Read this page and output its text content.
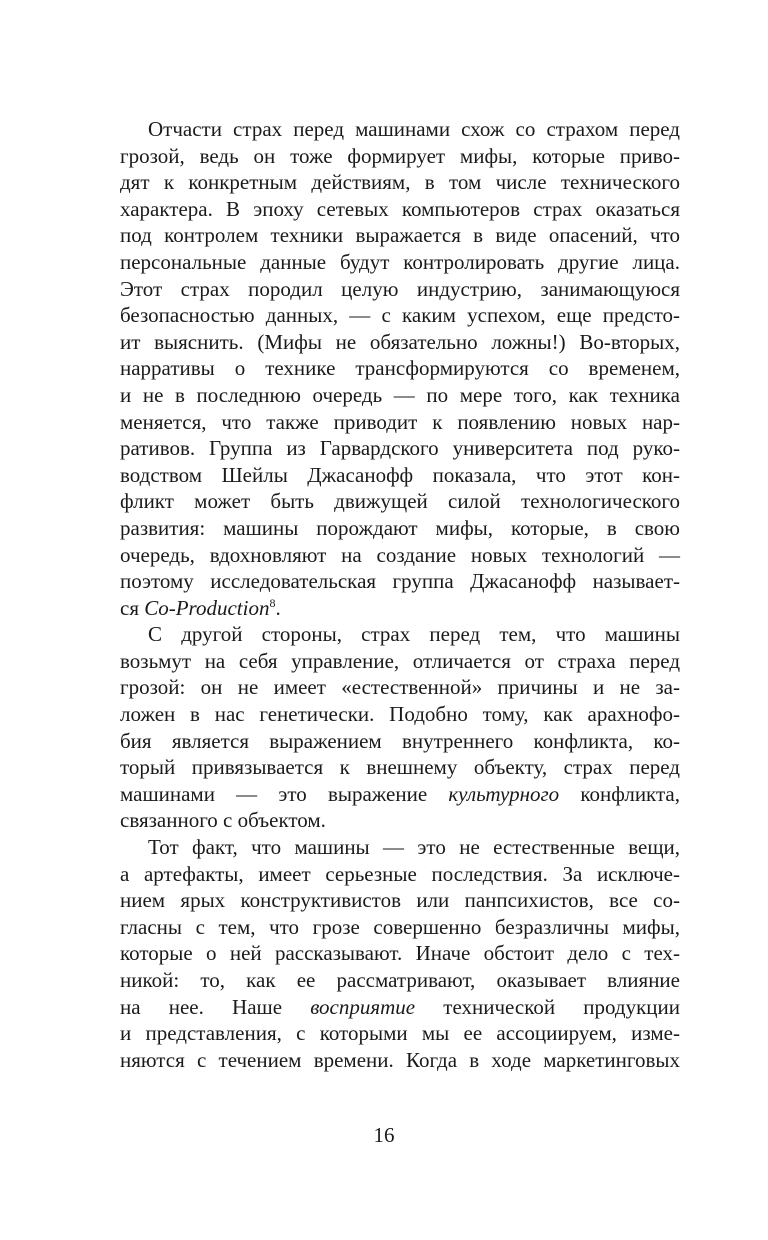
Отчасти страх перед машинами схож со страхом перед
грозой, ведь он тоже формирует мифы, которые приво-
дят к конкретным действиям, в том числе технического
характера. В эпоху сетевых компьютеров страх оказаться
под контролем техники выражается в виде опасений, что
персональные данные будут контролировать другие лица.
Этот страх породил целую индустрию, занимающуюся
безопасностью данных, — с каким успехом, еще предсто-
ит выяснить. (Мифы не обязательно ложны!) Во-вторых,
нарративы о технике трансформируются со временем,
и не в последнюю очередь — по мере того, как техника
меняется, что также приводит к появлению новых нар-
ративов. Группа из Гарвардского университета под руко-
водством Шейлы Джасанофф показала, что этот кон-
фликт может быть движущей силой технологического
развития: машины порождают мифы, которые, в свою
очередь, вдохновляют на создание новых технологий —
поэтому исследовательская группа Джасанофф называет-
ся Co-Production$^8$.
С другой стороны, страх перед тем, что машины
возьмут на себя управление, отличается от страха перед
грозой: он не имеет «естественной» причины и не за-
ложен в нас генетически. Подобно тому, как арахнофо-
бия является выражением внутреннего конфликта, ко-
торый привязывается к внешнему объекту, страх перед
машинами — это выражение культурного конфликта,
связанного с объектом.
Тот факт, что машины — это не естественные вещи,
а артефакты, имеет серьезные последствия. За исключе-
нием ярых конструктивистов или панпсихистов, все со-
гласны с тем, что грозе совершенно безразличны мифы,
которые о ней рассказывают. Иначе обстоит дело с тех-
никой: то, как ее рассматривают, оказывает влияние
на нее. Наше восприятие технической продукции
и представления, с которыми мы ее ассоциируем, изме-
няются с течением времени. Когда в ходе маркетинговых
16
